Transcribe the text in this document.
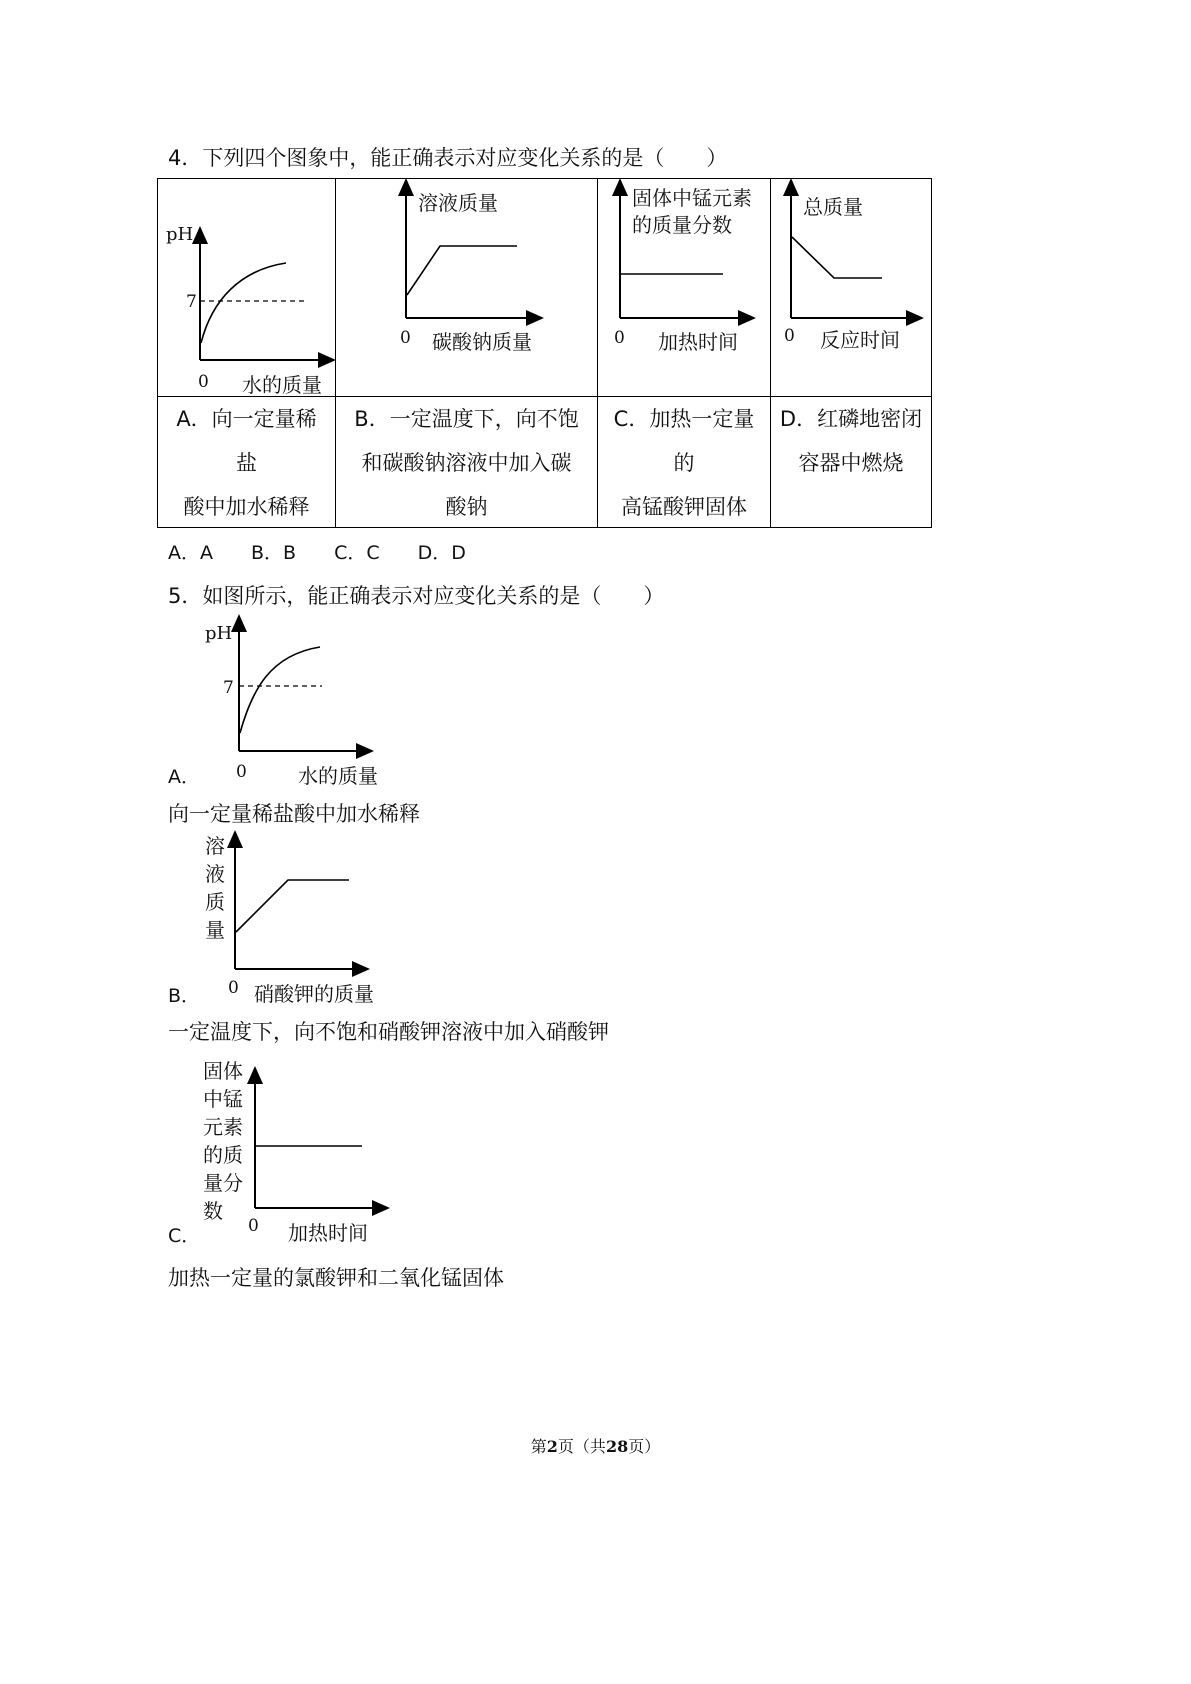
4．下列四个图象中，能正确表示对应变化关系的是（　　）
pH
7
0 水的质量
溶液质量
0 碳酸钠质量
固体中锰元素
的质量分数
0 加热时间
总质量
0 反应时间
A．向一定量稀
盐
酸中加水稀释
B．一定温度下，向不饱
和碳酸钠溶液中加入碳
酸钠
C．加热一定量
的
高锰酸钾固体
D．红磷地密闭
容器中燃烧
A．A　　B．B　　C．C　　D．D
5．如图所示，能正确表示对应变化关系的是（　　）
pH
7
0	水的质量
A．
向一定量稀盐酸中加水稀释
溶
液
质
量
0 硝酸钾的质量
B．
一定温度下，向不饱和硝酸钾溶液中加入硝酸钾
固体
中锰
元素
的质
量分
数
0 加热时间
C．
加热一定量的氯酸钾和二氧化锰固体
第2页（共28页）
